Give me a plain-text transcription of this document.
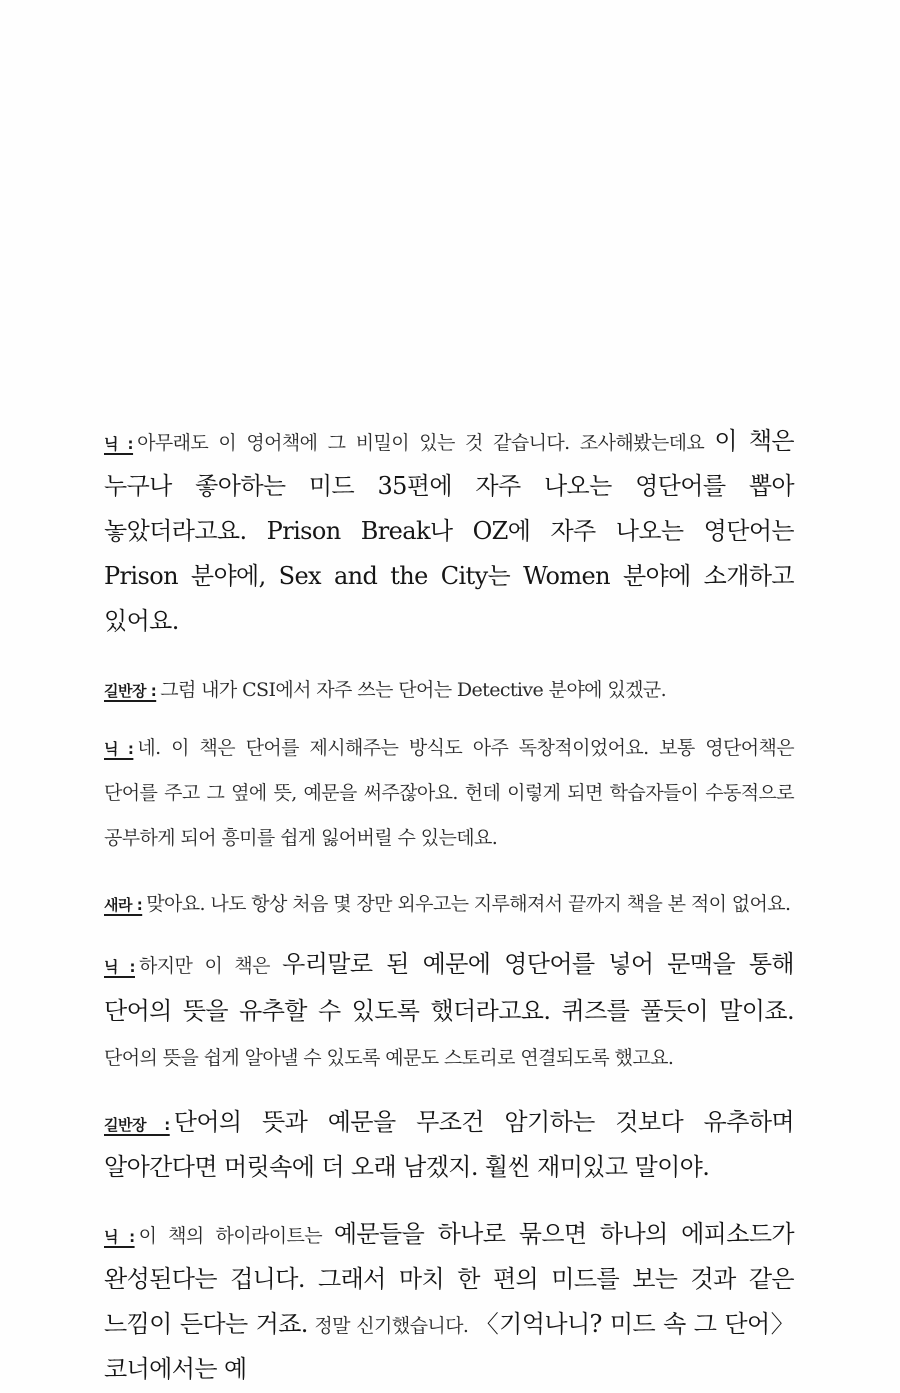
닉 : 아무래도 이 영어책에 그 비밀이 있는 것 같습니다. 조사해봤는데요 이 책은 누구나 좋아하는 미드 35편에 자주 나오는 영단어를 뽑아 놓았더라고요. Prison Break나 OZ에 자주 나오는 영단어는 Prison 분야에, Sex and the City는 Women 분야에 소개하고 있어요.

길반장 : 그럼 내가 CSI에서 자주 쓰는 단어는 Detective 분야에 있겠군.

닉 : 네. 이 책은 단어를 제시해주는 방식도 아주 독창적이었어요. 보통 영단어책은 단어를 주고 그 옆에 뜻, 예문을 써주잖아요. 헌데 이렇게 되면 학습자들이 수동적으로 공부하게 되어 흥미를 쉽게 잃어버릴 수 있는데요.

새라 : 맞아요. 나도 항상 처음 몇 장만 외우고는 지루해져서 끝까지 책을 본 적이 없어요.

닉 : 하지만 이 책은 우리말로 된 예문에 영단어를 넣어 문맥을 통해 단어의 뜻을 유추할 수 있도록 했더라고요. 퀴즈를 풀듯이 말이죠. 단어의 뜻을 쉽게 알아낼 수 있도록 예문도 스토리로 연결되도록 했고요.

길반장 : 단어의 뜻과 예문을 무조건 암기하는 것보다 유추하며 알아간다면 머릿속에 더 오래 남겠지. 훨씬 재미있고 말이야.

닉 : 이 책의 하이라이트는 예문들을 하나로 묶으면 하나의 에피소드가 완성된다는 겁니다. 그래서 마치 한 편의 미드를 보는 것과 같은 느낌이 든다는 거죠. 정말 신기했습니다. 〈기억나니? 미드 속 그 단어〉 코너에서는 예
